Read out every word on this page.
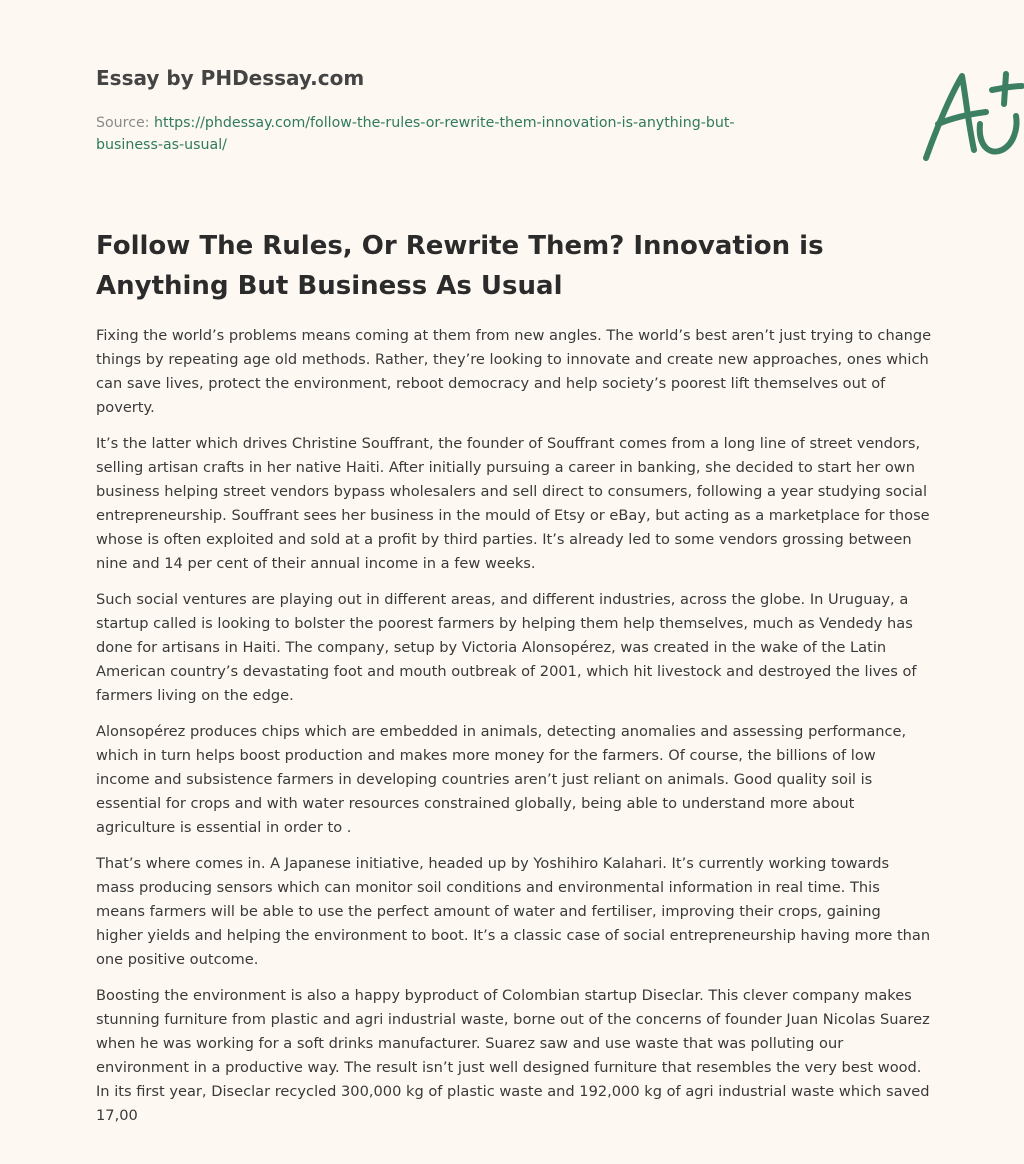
Essay by PHDessay.com

Source: https://phdessay.com/follow-the-rules-or-rewrite-them-innovation-is-anything-but-business-as-usual/

Follow The Rules, Or Rewrite Them? Innovation is Anything But Business As Usual

Fixing the world’s problems means coming at them from new angles. The world’s best aren’t just trying to change things by repeating age old methods. Rather, they’re looking to innovate and create new approaches, ones which can save lives, protect the environment, reboot democracy and help society’s poorest lift themselves out of poverty.

It’s the latter which drives Christine Souffrant, the founder of Souffrant comes from a long line of street vendors, selling artisan crafts in her native Haiti. After initially pursuing a career in banking, she decided to start her own business helping street vendors bypass wholesalers and sell direct to consumers, following a year studying social entrepreneurship. Souffrant sees her business in the mould of Etsy or eBay, but acting as a marketplace for those whose is often exploited and sold at a profit by third parties. It’s already led to some vendors grossing between nine and 14 per cent of their annual income in a few weeks.

Such social ventures are playing out in different areas, and different industries, across the globe. In Uruguay, a startup called is looking to bolster the poorest farmers by helping them help themselves, much as Vendedy has done for artisans in Haiti. The company, setup by Victoria Alonsopérez, was created in the wake of the Latin American country’s devastating foot and mouth outbreak of 2001, which hit livestock and destroyed the lives of farmers living on the edge.

Alonsopérez produces chips which are embedded in animals, detecting anomalies and assessing performance, which in turn helps boost production and makes more money for the farmers. Of course, the billions of low income and subsistence farmers in developing countries aren’t just reliant on animals. Good quality soil is essential for crops and with water resources constrained globally, being able to understand more about agriculture is essential in order to .

That’s where comes in. A Japanese initiative, headed up by Yoshihiro Kalahari. It’s currently working towards mass producing sensors which can monitor soil conditions and environmental information in real time. This means farmers will be able to use the perfect amount of water and fertiliser, improving their crops, gaining higher yields and helping the environment to boot. It’s a classic case of social entrepreneurship having more than one positive outcome.

Boosting the environment is also a happy byproduct of Colombian startup Diseclar. This clever company makes stunning furniture from plastic and agri industrial waste, borne out of the concerns of founder Juan Nicolas Suarez when he was working for a soft drinks manufacturer. Suarez saw and use waste that was polluting our environment in a productive way. The result isn’t just well designed furniture that resembles the very best wood. In its first year, Diseclar recycled 300,000 kg of plastic waste and 192,000 kg of agri industrial waste which saved 17,00
